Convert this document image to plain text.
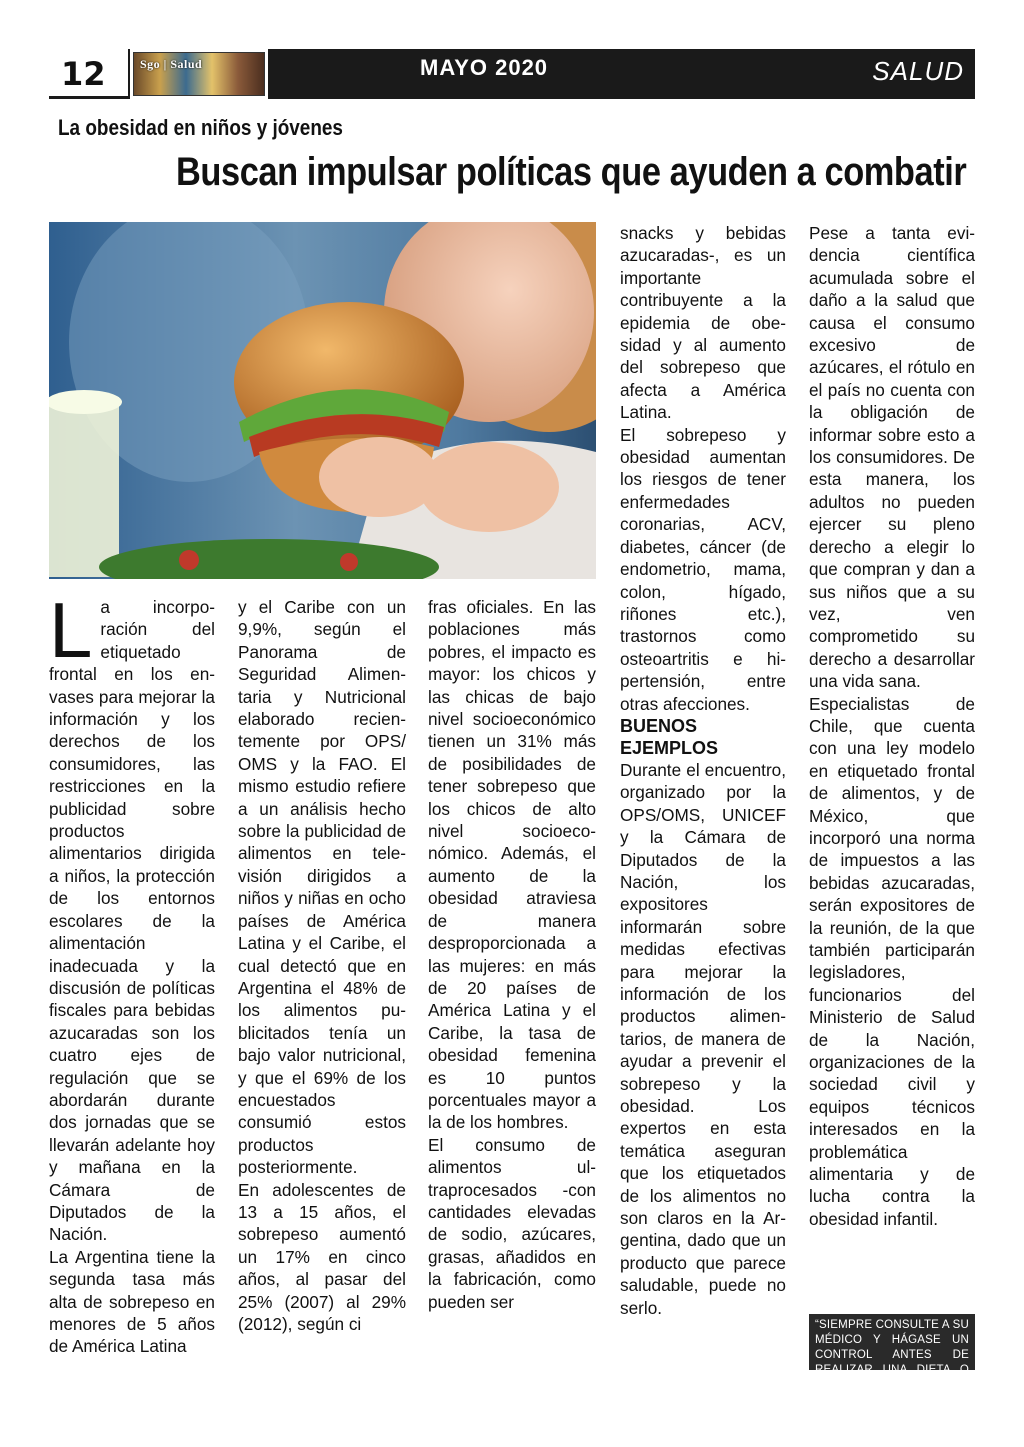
12	Sgo | Salud	MAYO 2020	SALUD
La obesidad en niños y jóvenes
Buscan impulsar políticas que ayuden a combatir
L a incorporación del etiquetado frontal en los envases para mejorar la información y los derechos de los consumidores, las restricciones en la publicidad sobre productos alimentarios dirigida a niños, la protección de los entornos escolares de la alimentación inadecuada y la discusión de políticas fiscales para bebidas azucaradas son los cuatro ejes de regulación que se abordarán durante dos jornadas que se llevarán adelante hoy y mañana en la Cámara de Diputados de la Nación.

La Argentina tiene la segunda tasa más alta de sobrepeso en menores de 5 años de América Latina

y el Caribe con un 9,9%, según el Panorama de Seguridad Alimentaria y Nutricional elaborado recientemente por OPS/ OMS y la FAO. El mismo estudio refiere a un análisis hecho sobre la publicidad de alimentos en televisión dirigidos a niños y niñas en ocho países de América Latina y el Caribe, el cual detectó que en Argentina el 48% de los alimentos publicitados tenía un bajo valor nutricional, y que el 69% de los encuestados consumió estos productos posteriormente.

En adolescentes de 13 a 15 años, el sobrepeso aumentó un 17% en cinco años, al pasar del 25% (2007) al 29% (2012), según ci

fras oficiales. En las poblaciones más pobres, el impacto es mayor: los chicos y las chicas de bajo nivel socioeconómico tienen un 31% más de posibilidades de tener sobrepeso que los chicos de alto nivel socioeconómico. Además, el aumento de la obesidad atraviesa de manera desproporcionada a las mujeres: en más de 20 países de América Latina y el Caribe, la tasa de obesidad femenina es 10 puntos porcentuales mayor a la de los hombres.

El consumo de alimentos ultraprocesados -con cantidades elevadas de sodio, azúcares, grasas, añadidos en la fabricación, como pueden ser

snacks y bebidas azucaradas-, es un importante contribuyente a la epidemia de obesidad y al aumento del sobrepeso que afecta a América Latina.

El sobrepeso y obesidad aumentan los riesgos de tener enfermedades coronarias, ACV, diabetes, cáncer (de endometrio, mama, colon, hígado, riñones etc.), trastornos como osteoartritis e hipertensión, entre otras afecciones.

BUENOS EJEMPLOS

Durante el encuentro, organizado por la OPS/OMS, UNICEF y la Cámara de Diputados de la Nación, los expositores informarán sobre medidas efectivas para mejorar la información de los productos alimentarios, de manera de ayudar a prevenir el sobrepeso y la obesidad. Los expertos en esta temática aseguran que los etiquetados de los alimentos no son claros en la Argentina, dado que un producto que parece saludable, puede no serlo.

Pese a tanta evidencia científica acumulada sobre el daño a la salud que causa el consumo excesivo de azúcares, el rótulo en el país no cuenta con la obligación de informar sobre esto a los consumidores. De esta manera, los adultos no pueden ejercer su pleno derecho a elegir lo que compran y dan a sus niños que a su vez, ven comprometido su derecho a desarrollar una vida sana.

Especialistas de Chile, que cuenta con una ley modelo en etiquetado frontal de alimentos, y de México, que incorporó una norma de impuestos a las bebidas azucaradas, serán expositores de la reunión, de la que también participarán legisladores, funcionarios del Ministerio de Salud de la Nación, organizaciones de la sociedad civil y equipos técnicos interesados en la problemática alimentaria y de lucha contra la obesidad infantil.

“SIEMPRE CONSULTE A SU MÉDICO Y HÁGASE UN CONTROL ANTES DE REALIZAR UNA DIETA O ACTIVIDAD FÍSICA”
